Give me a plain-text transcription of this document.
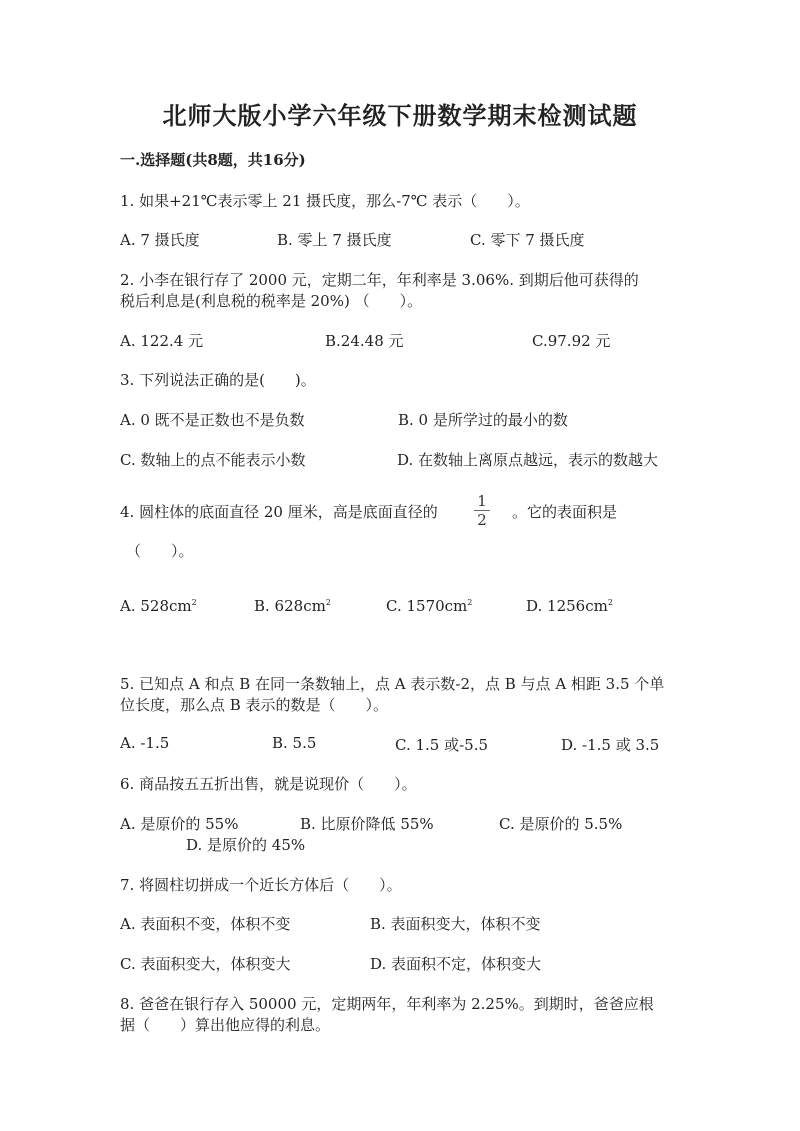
北师大版小学六年级下册数学期末检测试题
一.选择题(共8题，共16分)
1. 如果+21℃表示零上 21 摄氏度，那么-7℃ 表示（　　）。
A. 7 摄氏度	B. 零上 7 摄氏度	C. 零下 7 摄氏度
2. 小李在银行存了 2000 元，定期二年，年利率是 3.06%. 到期后他可获得的
税后利息是(利息税的税率是 20%) （　　）。
A. 122.4 元	B.24.48 元	C.97.92 元
3. 下列说法正确的是(　　)。
A. 0 既不是正数也不是负数	B. 0 是所学过的最小的数
C. 数轴上的点不能表示小数	D. 在数轴上离原点越远，表示的数越大
4. 圆柱体的底面直径 20 厘米，高是底面直径的
1
2	。它的表面积是
（　　）。
A. $528cm^2$	B. $628cm^2$	C. $1570cm^2$	D. $1256cm^2$
5. 已知点 A 和点 B 在同一条数轴上，点 A 表示数-2，点 B 与点 A 相距 3.5 个单
位长度，那么点 B 表示的数是（　　）。
A. -1.5	B. 5.5	C. 1.5 或-5.5	D. -1.5 或 3.5
6. 商品按五五折出售，就是说现价（　　）。
A. 是原价的 55%	B. 比原价降低 55%	C. 是原价的 5.5%
D. 是原价的 45%
7. 将圆柱切拼成一个近长方体后（　　）。
A. 表面积不变，体积不变	B. 表面积变大，体积不变
C. 表面积变大，体积变大	D. 表面积不定，体积变大
8. 爸爸在银行存入 50000 元，定期两年，年利率为 2.25%。到期时，爸爸应根
据（　　）算出他应得的利息。
